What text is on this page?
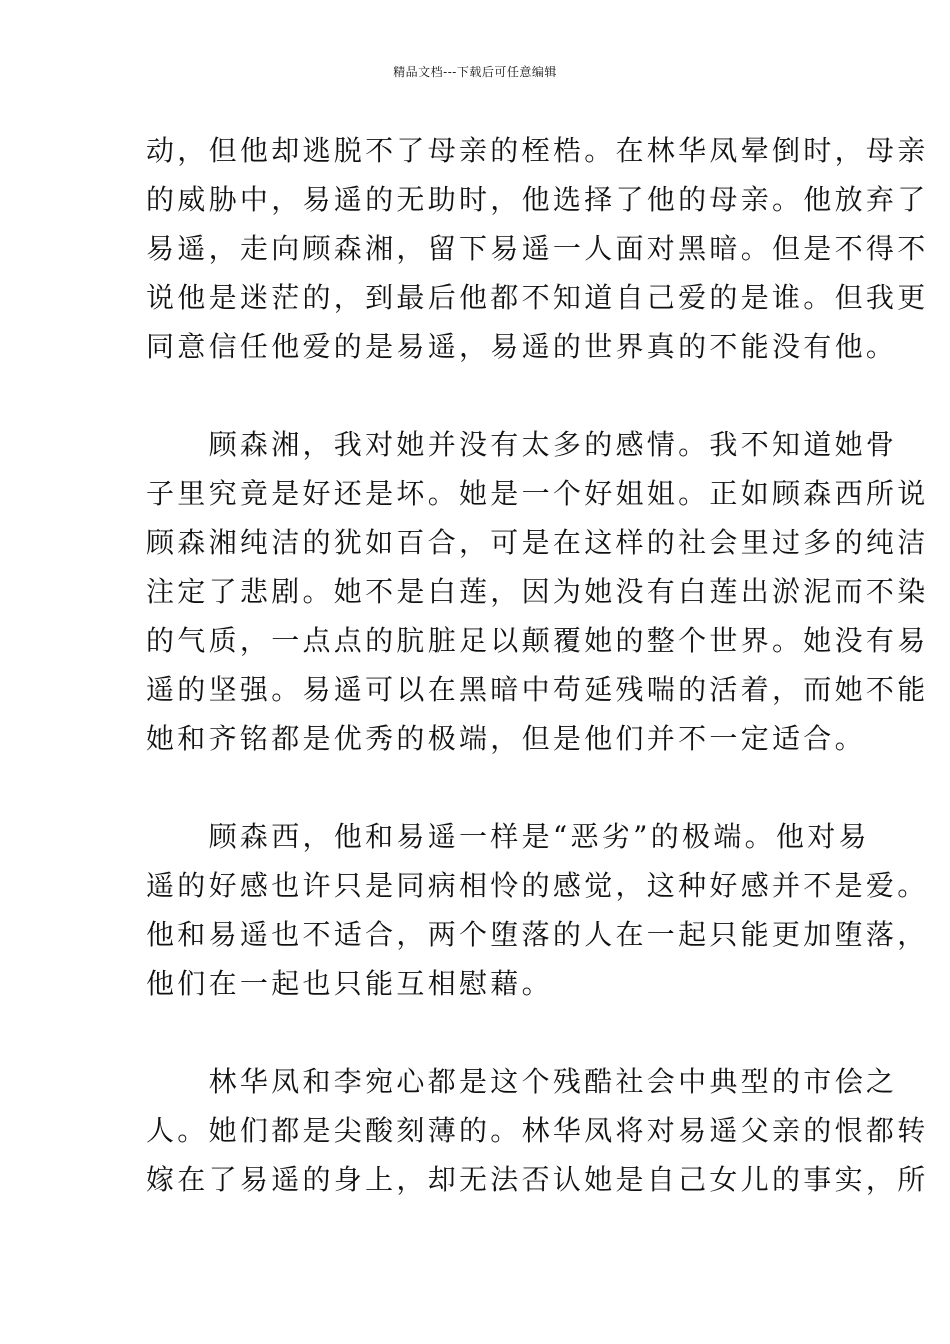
精品文档---下载后可任意编辑

动，但他却逃脱不了母亲的桎梏。在林华凤晕倒时，母亲
的威胁中，易遥的无助时，他选择了他的母亲。他放弃了
易遥，走向顾森湘，留下易遥一人面对黑暗。但是不得不
说他是迷茫的，到最后他都不知道自己爱的是谁。但我更
同意信任他爱的是易遥，易遥的世界真的不能没有他。

　　顾森湘，我对她并没有太多的感情。我不知道她骨
子里究竟是好还是坏。她是一个好姐姐。正如顾森西所说
顾森湘纯洁的犹如百合，可是在这样的社会里过多的纯洁
注定了悲剧。她不是白莲，因为她没有白莲出淤泥而不染
的气质，一点点的肮脏足以颠覆她的整个世界。她没有易
遥的坚强。易遥可以在黑暗中苟延残喘的活着，而她不能
她和齐铭都是优秀的极端，但是他们并不一定适合。

　　顾森西，他和易遥一样是“恶劣”的极端。他对易
遥的好感也许只是同病相怜的感觉，这种好感并不是爱。
他和易遥也不适合，两个堕落的人在一起只能更加堕落，
他们在一起也只能互相慰藉。

　　林华凤和李宛心都是这个残酷社会中典型的市侩之
人。她们都是尖酸刻薄的。林华凤将对易遥父亲的恨都转
嫁在了易遥的身上，却无法否认她是自己女儿的事实，所
